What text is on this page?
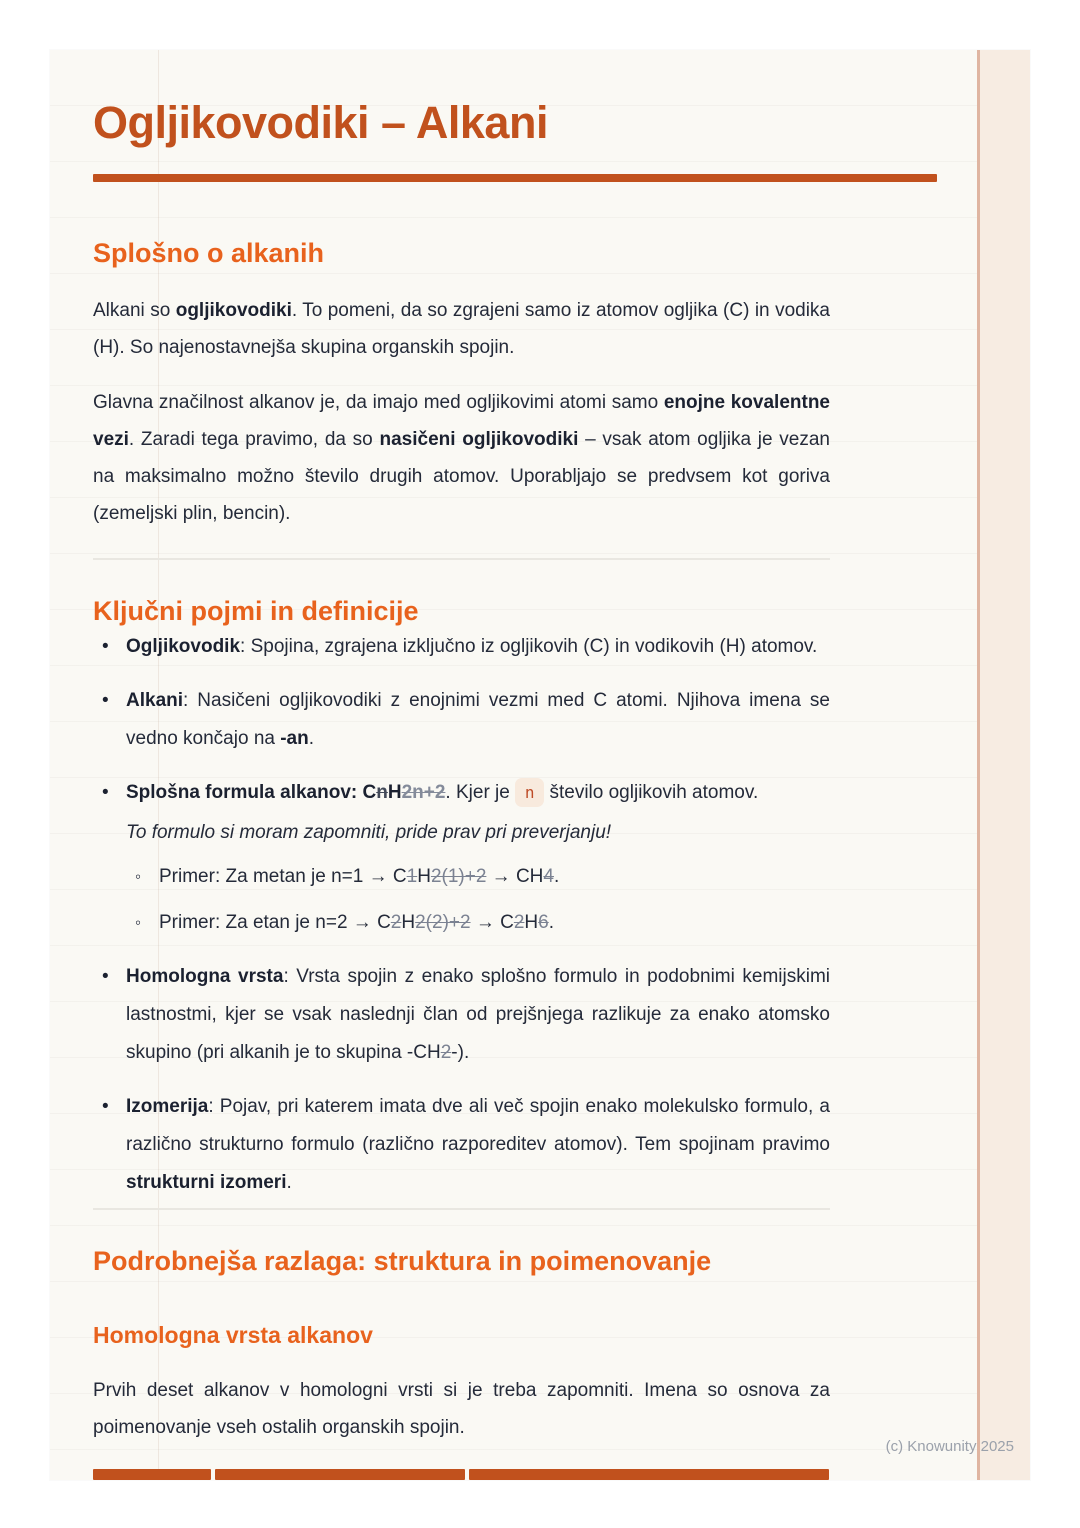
Ogljikovodiki – Alkani
Splošno o alkanih

Alkani so ogljikovodiki. To pomeni, da so zgrajeni samo iz atomov ogljika (C) in vodika (H). So najenostavnejša skupina organskih spojin.

Glavna značilnost alkanov je, da imajo med ogljikovimi atomi samo enojne kovalentne vezi. Zaradi tega pravimo, da so nasičeni ogljikovodiki – vsak atom ogljika je vezan na maksimalno možno število drugih atomov. Uporabljajo se predvsem kot goriva (zemeljski plin, bencin).

Ključni pojmi in definicije
• Ogljikovodik: Spojina, zgrajena izključno iz ogljikovih (C) in vodikovih (H) atomov.
• Alkani: Nasičeni ogljikovodiki z enojnimi vezmi med C atomi. Njihova imena se vedno končajo na -an.
• Splošna formula alkanov: CnH2n+2. Kjer je n število ogljikovih atomov.
To formulo si moram zapomniti, pride prav pri preverjanju!
◦ Primer: Za metan je n=1 → C1H2(1)+2 → CH4.
◦ Primer: Za etan je n=2 → C2H2(2)+2 → C2H6.
• Homologna vrsta: Vrsta spojin z enako splošno formulo in podobnimi kemijskimi lastnostmi, kjer se vsak naslednji član od prejšnjega razlikuje za enako atomsko skupino (pri alkanih je to skupina -CH2-).
• Izomerija: Pojav, pri katerem imata dve ali več spojin enako molekulsko formulo, a različno strukturno formulo (različno razporeditev atomov). Tem spojinam pravimo strukturni izomeri.
Podrobnejša razlaga: struktura in poimenovanje
Homologna vrsta alkanov

Prvih deset alkanov v homologni vrsti si je treba zapomniti. Imena so osnova za poimenovanje vseh ostalih organskih spojin.

(c) Knowunity 2025
